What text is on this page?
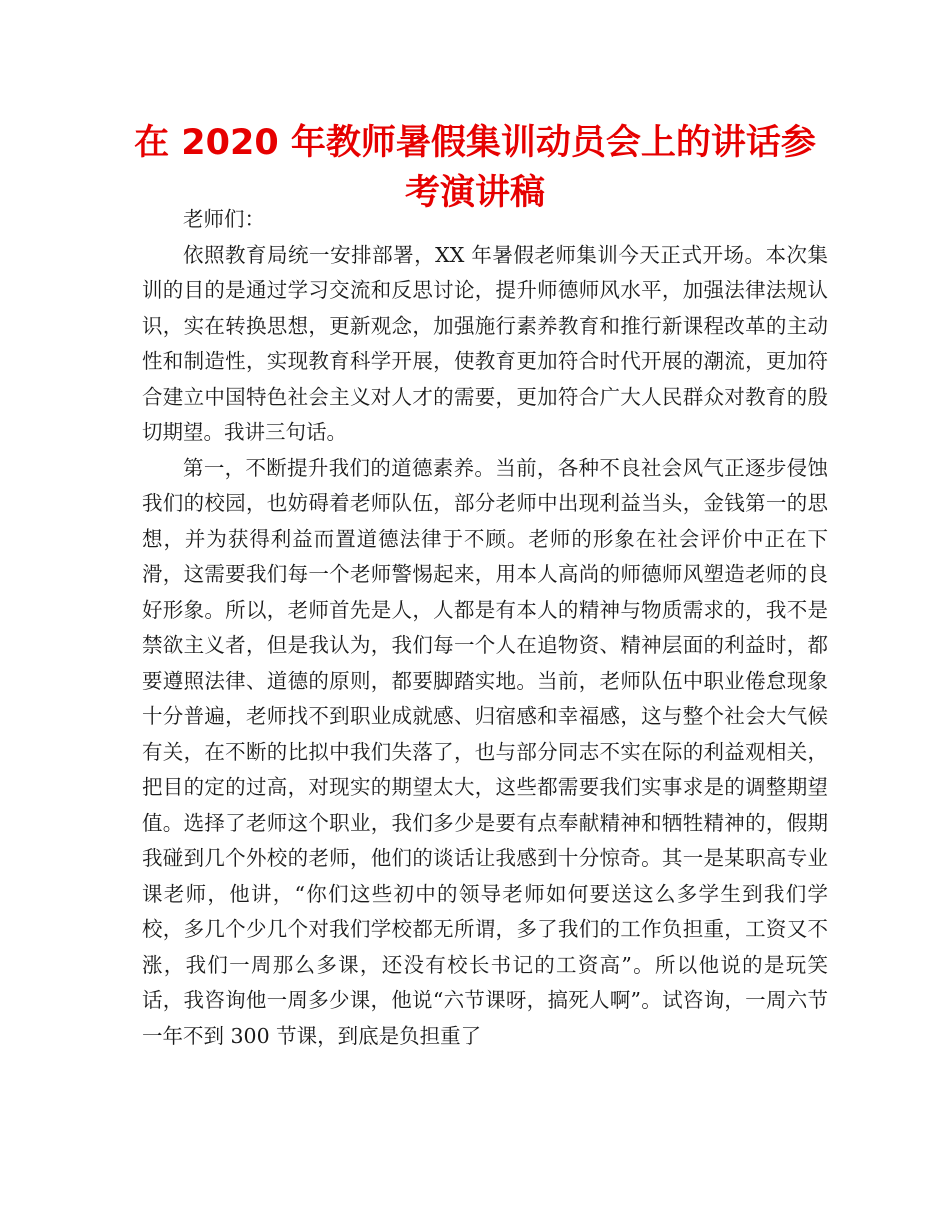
在 2020 年教师暑假集训动员会上的讲话参考演讲稿

老师们：

依照教育局统一安排部署，XX 年暑假老师集训今天正式开场。本次集训的目的是通过学习交流和反思讨论，提升师德师风水平，加强法律法规认识，实在转换思想，更新观念，加强施行素养教育和推行新课程改革的主动性和制造性，实现教育科学开展，使教育更加符合时代开展的潮流，更加符合建立中国特色社会主义对人才的需要，更加符合广大人民群众对教育的殷切期望。我讲三句话。

第一，不断提升我们的道德素养。当前，各种不良社会风气正逐步侵蚀我们的校园，也妨碍着老师队伍，部分老师中出现利益当头，金钱第一的思想，并为获得利益而置道德法律于不顾。老师的形象在社会评价中正在下滑，这需要我们每一个老师警惕起来，用本人高尚的师德师风塑造老师的良好形象。所以，老师首先是人，人都是有本人的精神与物质需求的，我不是禁欲主义者，但是我认为，我们每一个人在追物资、精神层面的利益时，都要遵照法律、道德的原则，都要脚踏实地。当前，老师队伍中职业倦怠现象十分普遍，老师找不到职业成就感、归宿感和幸福感，这与整个社会大气候有关，在不断的比拟中我们失落了，也与部分同志不实在际的利益观相关，把目的定的过高，对现实的期望太大，这些都需要我们实事求是的调整期望值。选择了老师这个职业，我们多少是要有点奉献精神和牺牲精神的，假期我碰到几个外校的老师，他们的谈话让我感到十分惊奇。其一是某职高专业课老师，他讲，“你们这些初中的领导老师如何要送这么多学生到我们学校，多几个少几个对我们学校都无所谓，多了我们的工作负担重，工资又不涨，我们一周那么多课，还没有校长书记的工资高”。所以他说的是玩笑话，我咨询他一周多少课，他说“六节课呀，搞死人啊”。试咨询，一周六节一年不到 300 节课，到底是负担重了
